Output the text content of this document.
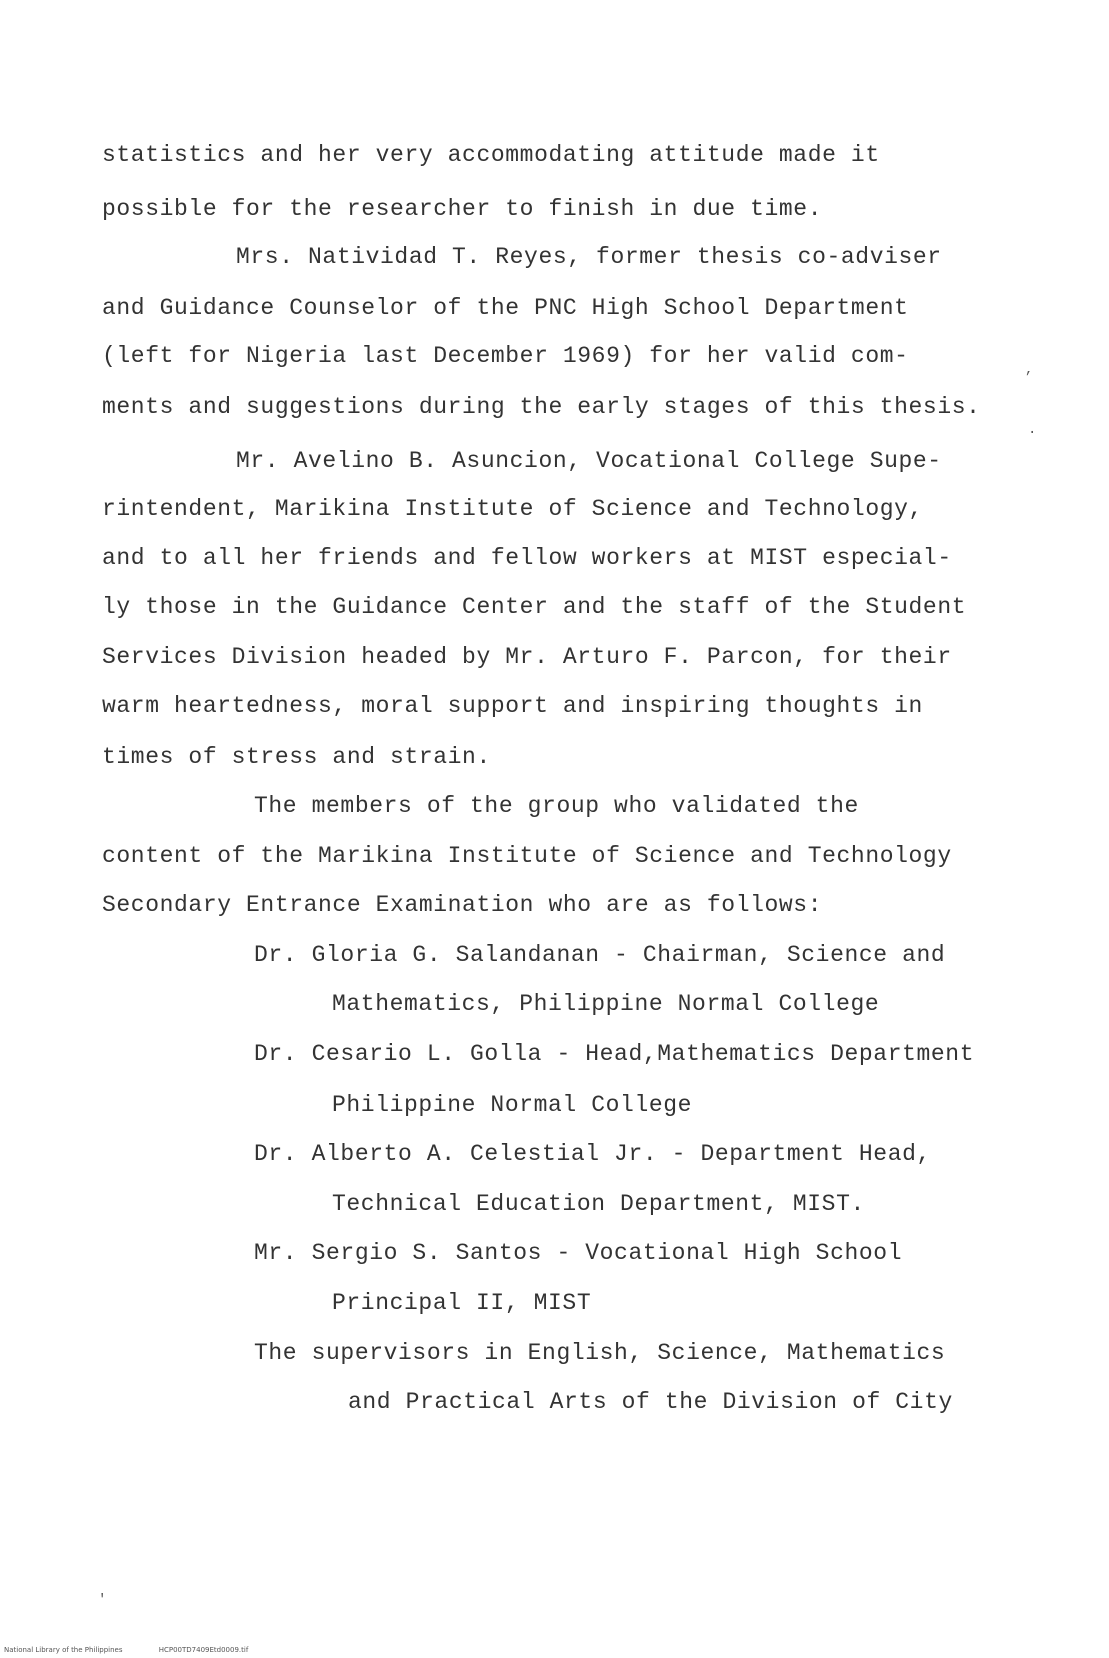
statistics and her very accommodating attitude made it
possible for the researcher to finish in due time.
Mrs. Natividad T. Reyes, former thesis co-adviser
and Guidance Counselor of the PNC High School Department
(left for Nigeria last December 1969) for her valid com-
ments and suggestions during the early stages of this thesis.
’
·
Mr. Avelino B. Asuncion, Vocational College Supe-
rintendent, Marikina Institute of Science and Technology,
and to all her friends and fellow workers at MIST especial-
ly those in the Guidance Center and the staff of the Student
Services Division headed by Mr. Arturo F. Parcon, for their
warm heartedness, moral support and inspiring thoughts in
times of stress and strain.
The members of the group who validated the
content of the Marikina Institute of Science and Technology
Secondary Entrance Examination who are as follows:
Dr. Gloria G. Salandanan - Chairman, Science and
Mathematics, Philippine Normal College
Dr. Cesario L. Golla - Head,Mathematics Department
Philippine Normal College
Dr. Alberto A. Celestial Jr. - Department Head,
Technical Education Department, MIST.
Mr. Sergio S. Santos - Vocational High School
Principal II, MIST
The supervisors in English, Science, Mathematics
and Practical Arts of the Division of City
'
National Library of the Philippines	HCP00TD7409Etd0009.tif
